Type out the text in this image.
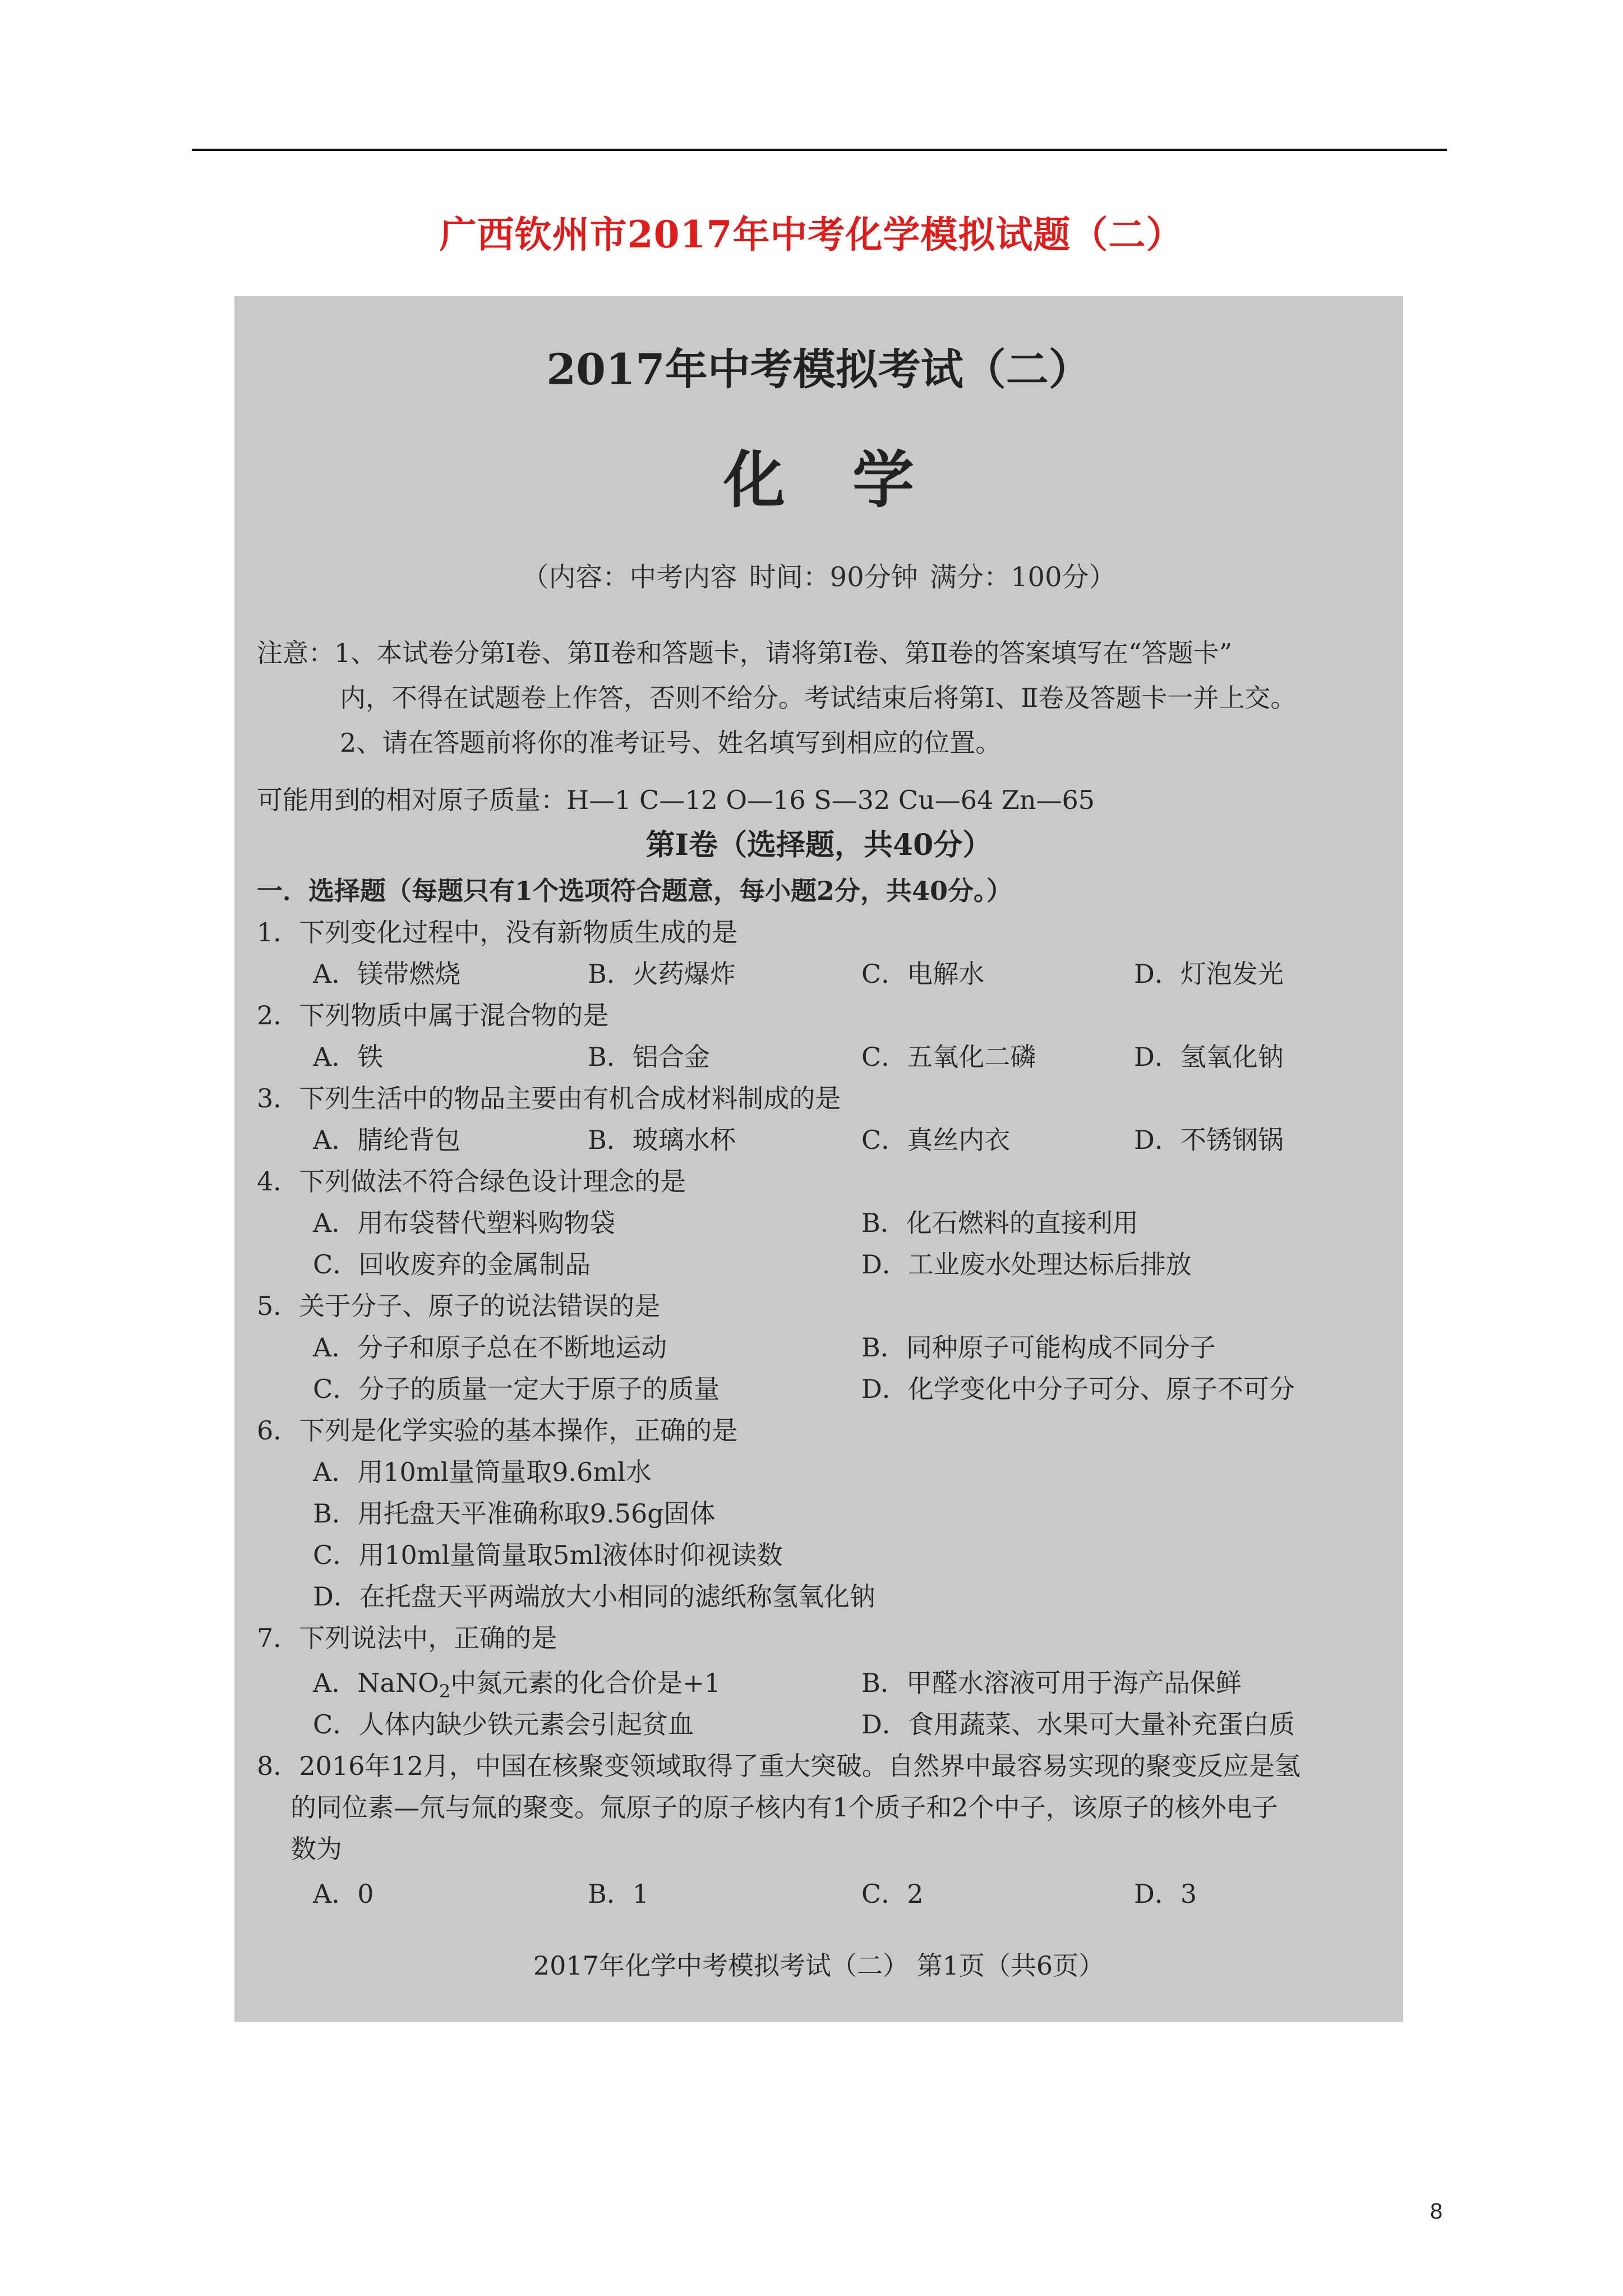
广西钦州市2017年中考化学模拟试题（二）
2017年中考模拟考试（二）
化学
（内容：中考内容 时间：90分钟 满分：100分）
注意：1、本试卷分第Ⅰ卷、第Ⅱ卷和答题卡，请将第Ⅰ卷、第Ⅱ卷的答案填写在“答题卡”
内，不得在试题卷上作答，否则不给分。考试结束后将第Ⅰ、Ⅱ卷及答题卡一并上交。
2、请在答题前将你的准考证号、姓名填写到相应的位置。
可能用到的相对原子质量：H—1 C—12 O—16 S—32 Cu—64 Zn—65
第Ⅰ卷（选择题，共40分）
一．选择题（每题只有1个选项符合题意，每小题2分，共40分。）
1．下列变化过程中，没有新物质生成的是
A．镁带燃烧	B．火药爆炸	C．电解水	D．灯泡发光
2．下列物质中属于混合物的是
A．铁	B．铝合金	C．五氧化二磷	D．氢氧化钠
3．下列生活中的物品主要由有机合成材料制成的是
A．腈纶背包	B．玻璃水杯	C．真丝内衣	D．不锈钢锅
4．下列做法不符合绿色设计理念的是
A．用布袋替代塑料购物袋	B．化石燃料的直接利用
C．回收废弃的金属制品	D．工业废水处理达标后排放
5．关于分子、原子的说法错误的是
A．分子和原子总在不断地运动	B．同种原子可能构成不同分子
C．分子的质量一定大于原子的质量	D．化学变化中分子可分、原子不可分
6．下列是化学实验的基本操作，正确的是
A．用10ml量筒量取9.6ml水
B．用托盘天平准确称取9.56g固体
C．用10ml量筒量取5ml液体时仰视读数
D．在托盘天平两端放大小相同的滤纸称氢氧化钠
7．下列说法中，正确的是
A．NaNO$_2$中氮元素的化合价是+1	B．甲醛水溶液可用于海产品保鲜
C．人体内缺少铁元素会引起贫血	D．食用蔬菜、水果可大量补充蛋白质
8．2016年12月，中国在核聚变领域取得了重大突破。自然界中最容易实现的聚变反应是氢
的同位素—氘与氚的聚变。氚原子的原子核内有1个质子和2个中子，该原子的核外电子
数为
A．0	B．1	C．2	D．3
2017年化学中考模拟考试（二） 第1页（共6页）
8
